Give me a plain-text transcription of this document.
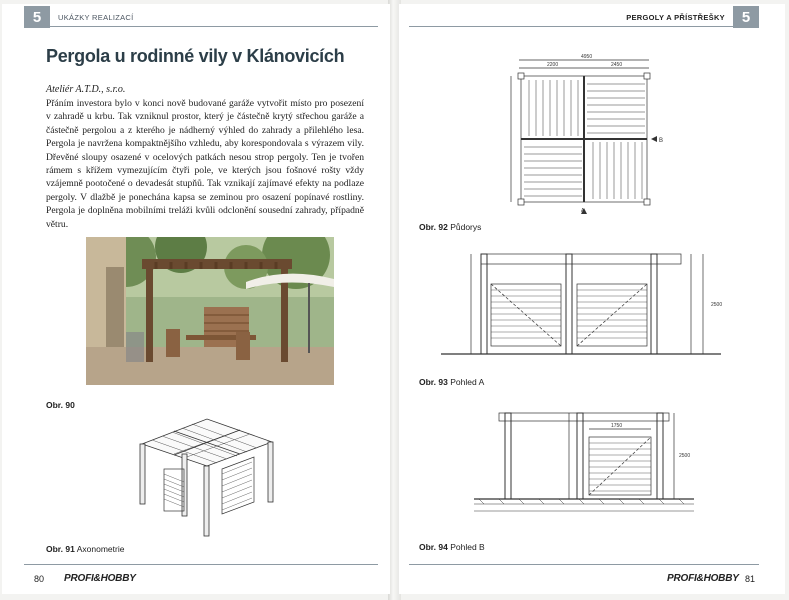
5	UKÁZKY REALIZACÍ
Pergola u rodinné vily v Klánovicích
Ateliér A.T.D., s.r.o.
Přáním investora bylo v konci nově budované garáže vytvořit místo pro posezení v zahradě u krbu. Tak vzniknul prostor, který je částečně krytý střechou garáže a částečně pergolou a z kterého je nádherný výhled do zahrady a přilehlého lesa. Pergola je navržena kompaktnějšího vzhledu, aby korespondovala s výrazem vily. Dřevěné sloupy osazené v ocelových patkách nesou strop pergoly. Ten je tvořen rámem s křížem vymezujícím čtyři pole, ve kterých jsou fošnové rošty vždy vzájemně pootočené o devadesát stupňů. Tak vznikají zajímavé efekty na podlaze pergoly. V dlažbě je ponechána kapsa se zeminou pro osazení popínavé rostliny. Pergola je doplněna mobilními treláži kvůli odclonění sousední zahrady, případně větru.
Obr. 90
Obr. 91 Axonometrie
80 PROFI&HOBBY
PERGOLY A PŘÍSTŘEŠKY	5
4950
2200	2450
B
A
Obr. 92 Půdorys
2500
Obr. 93 Pohled A
1750
2500
Obr. 94 Pohled B
PROFI&HOBBY 81
